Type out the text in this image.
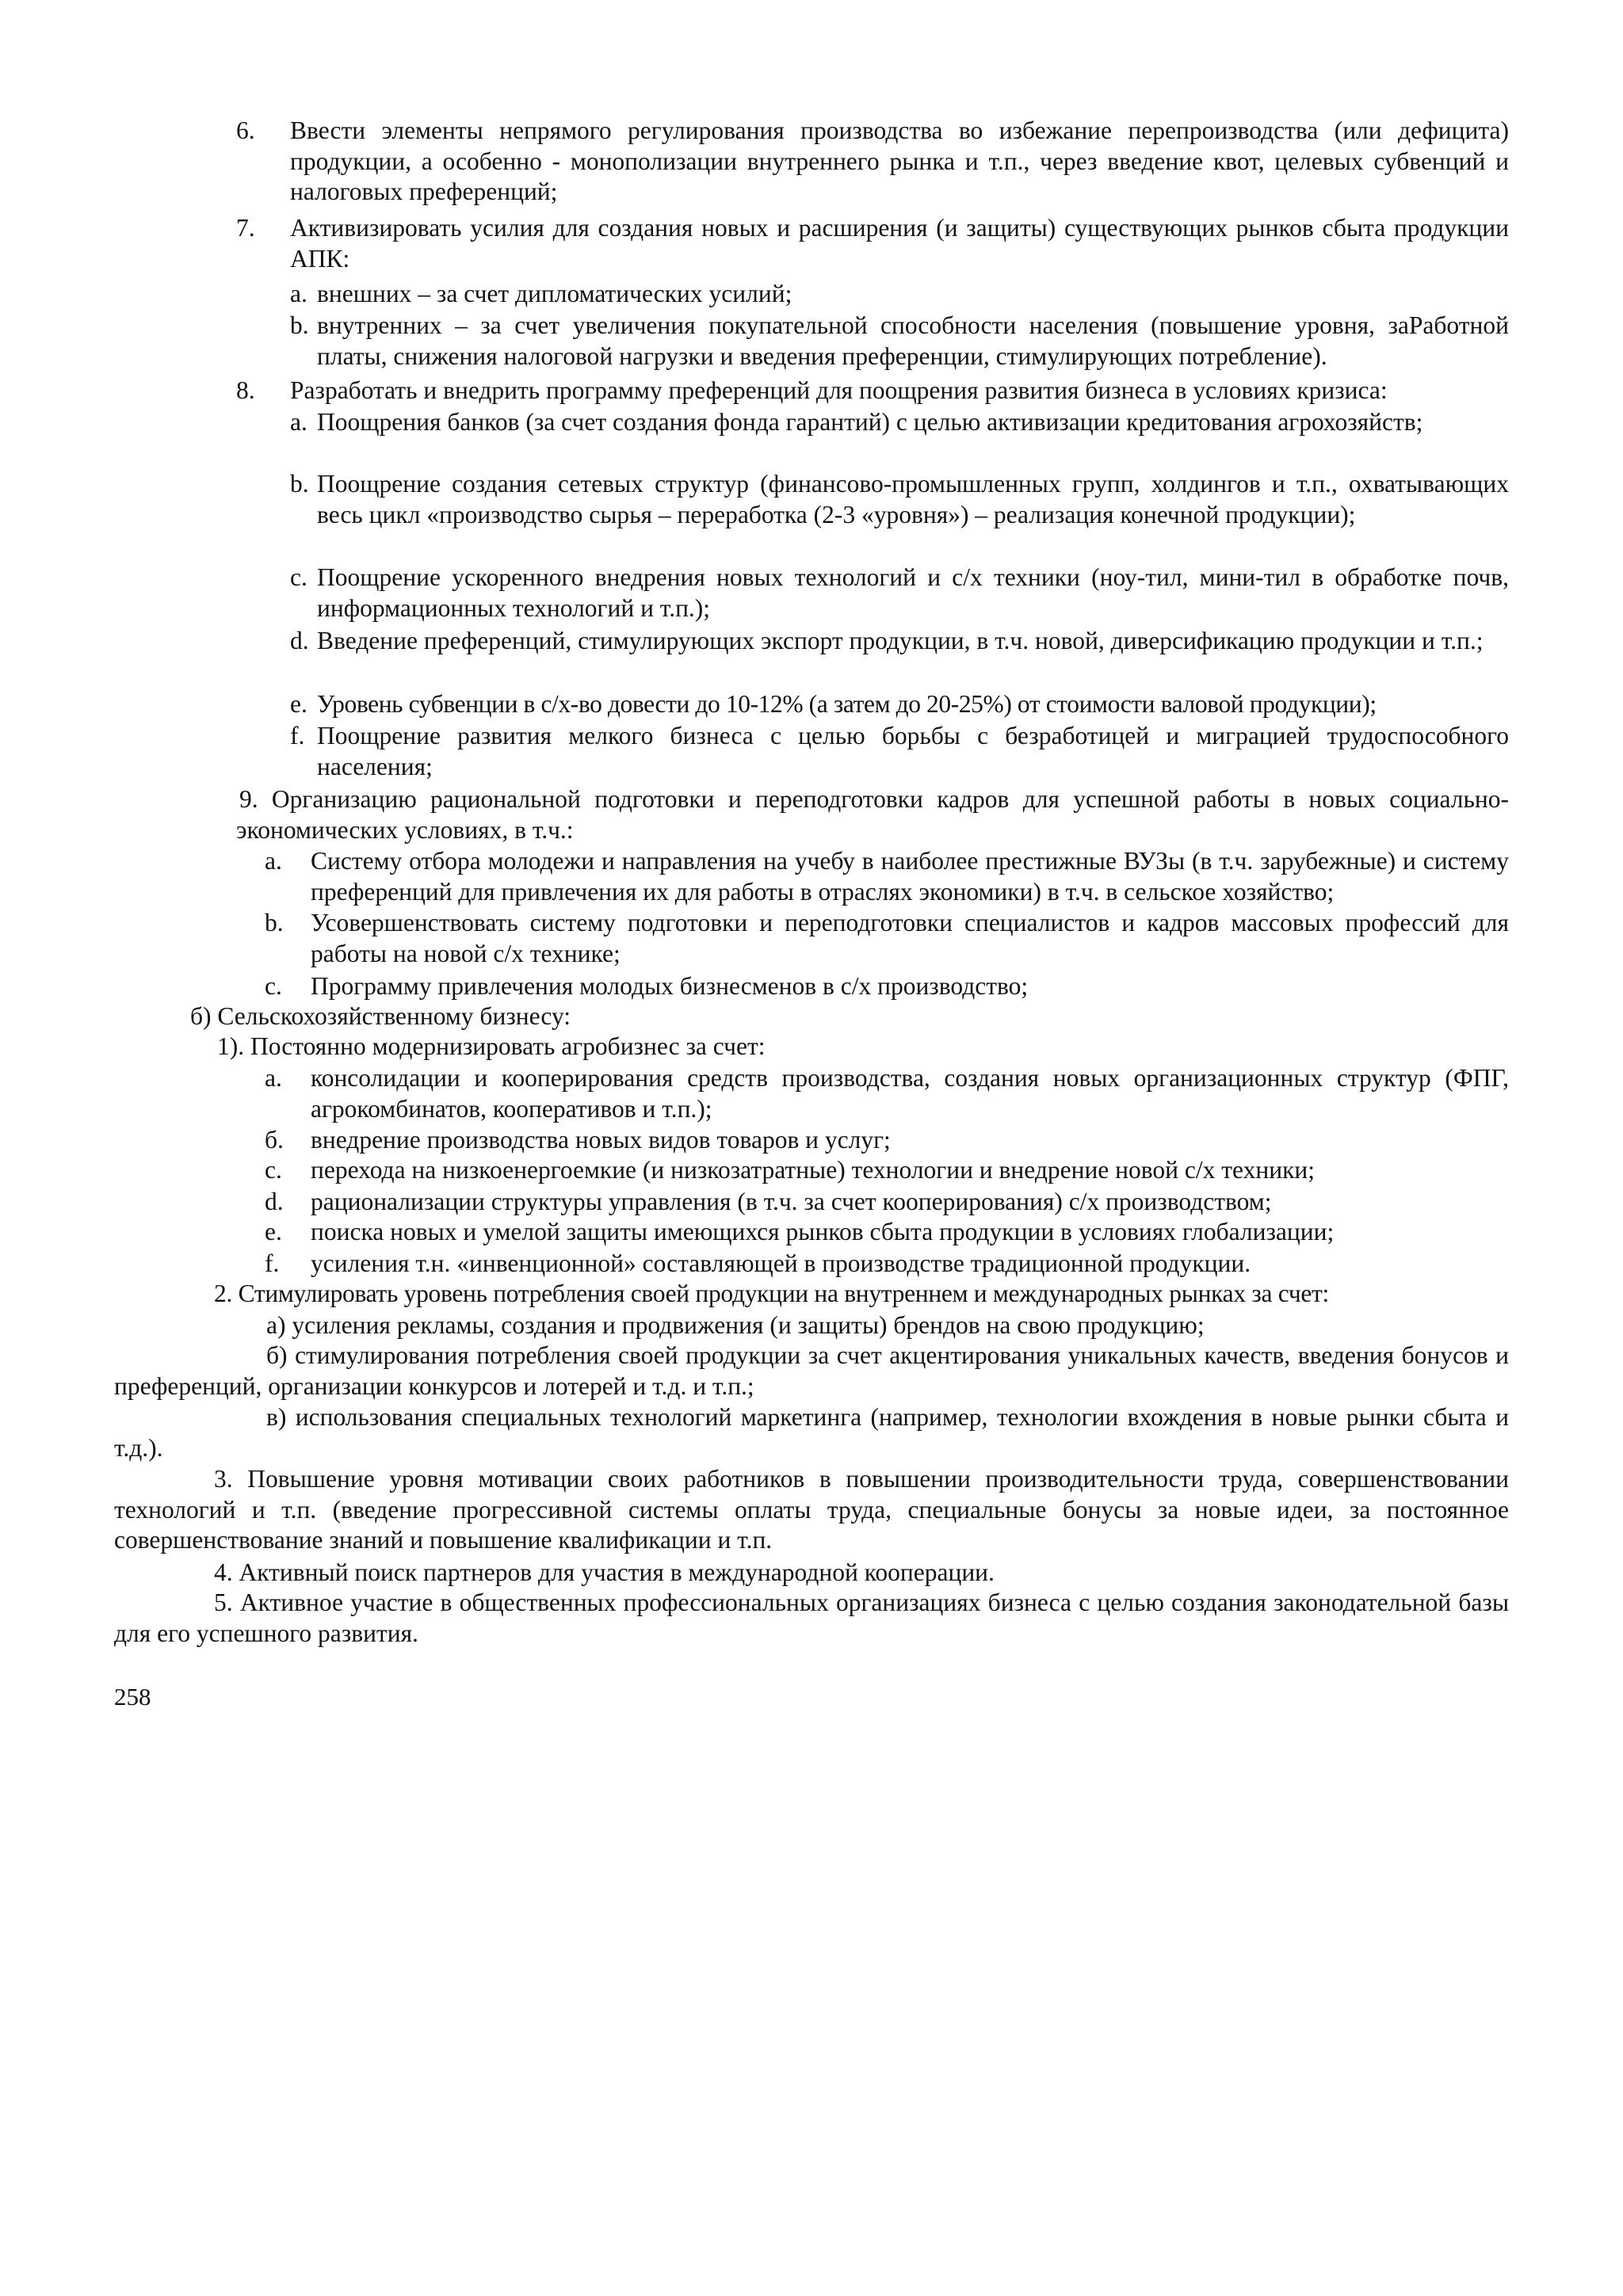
6. Ввести элементы непрямого регулирования производства во избежание перепроизводства (или дефицита) продукции, а особенно - монополизации внутреннего рынка и т.п., через введение квот, целевых субвенций и налоговых преференций;
7. Активизировать усилия для создания новых и расширения (и защиты) существующих рынков сбыта продукции АПК:
a. внешних – за счет дипломатических усилий;
b. внутренних – за счет увеличения покупательной способности населения (повышение уровня, заРаботной платы, снижения налоговой нагрузки и введения преференции, стимулирующих потребление).
8. Разработать и внедрить программу преференций для поощрения развития бизнеса в условиях кризиса:
a. Поощрения банков (за счет создания фонда гарантий) с целью активизации кредитования агрохозяйств;
b. Поощрение создания сетевых структур (финансово-промышленных групп, холдингов и т.п., охватывающих весь цикл «производство сырья – переработка (2-3 «уровня») – реализация конечной продукции);
c. Поощрение ускоренного внедрения новых технологий и с/х техники (ноу-тил, мини-тил в обработке почв, информационных технологий и т.п.);
d. Введение преференций, стимулирующих экспорт продукции, в т.ч. новой, диверсификацию продукции и т.п.;
e. Уровень субвенции в с/х-во довести до 10-12% (а затем до 20-25%) от стоимости валовой продукции);
f. Поощрение развития мелкого бизнеса с целью борьбы с безработицей и миграцией трудоспособного населения;
9. Организацию рациональной подготовки и переподготовки кадров для успешной работы в новых социально-экономических условиях, в т.ч.:
a. Систему отбора молодежи и направления на учебу в наиболее престижные ВУЗы (в т.ч. зарубежные) и систему преференций для привлечения их для работы в отраслях экономики) в т.ч. в сельское хозяйство;
b. Усовершенствовать систему подготовки и переподготовки специалистов и кадров массовых профессий для работы на новой с/х технике;
c. Программу привлечения молодых бизнесменов в с/х производство;
б) Сельскохозяйственному бизнесу:
1). Постоянно модернизировать агробизнес за счет:
a. консолидации и кооперирования средств производства, создания новых организационных структур (ФПГ, агрокомбинатов, кооперативов и т.п.);
б. внедрение производства новых видов товаров и услуг;
c. перехода на низкоенергоемкие (и низкозатратные) технологии и внедрение новой с/х техники;
d. рационализации структуры управления (в т.ч. за счет кооперирования) с/х производством;
e. поиска новых и умелой защиты имеющихся рынков сбыта продукции в условиях глобализации;
f. усиления т.н. «инвенционной» составляющей в производстве традиционной продукции.
2. Стимулировать уровень потребления своей продукции на внутреннем и международных рынках за счет:
а) усиления рекламы, создания и продвижения (и защиты) брендов на свою продукцию;
б) стимулирования потребления своей продукции за счет акцентирования уникальных качеств, введения бонусов и преференций, организации конкурсов и лотерей и т.д. и т.п.;
в) использования специальных технологий маркетинга (например, технологии вхождения в новые рынки сбыта и т.д.).
3. Повышение уровня мотивации своих работников в повышении производительности труда, совершенствовании технологий и т.п. (введение прогрессивной системы оплаты труда, специальные бонусы за новые идеи, за постоянное совершенствование знаний и повышение квалификации и т.п.
4. Активный поиск партнеров для участия в международной кооперации.
5. Активное участие в общественных профессиональных организациях бизнеса с целью создания законодательной базы для его успешного развития.
258
